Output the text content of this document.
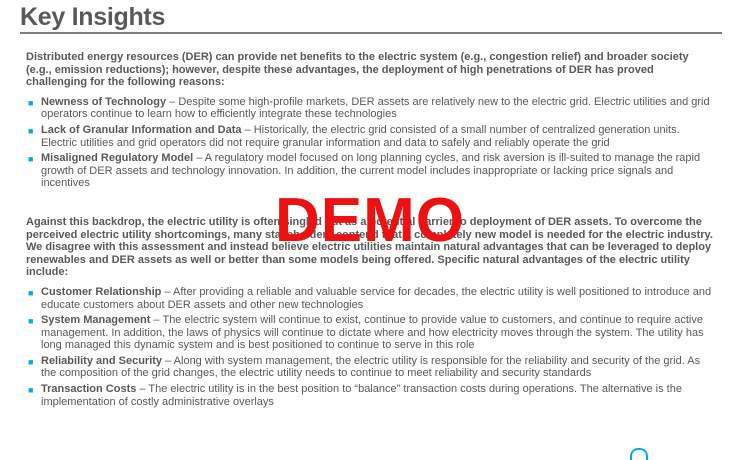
Key Insights

Distributed energy resources (DER) can provide net benefits to the electric system (e.g., congestion relief) and broader society (e.g., emission reductions); however, despite these advantages, the deployment of high penetrations of DER has proved challenging for the following reasons:

■ Newness of Technology – Despite some high-profile markets, DER assets are relatively new to the electric grid. Electric utilities and grid operators continue to learn how to efficiently integrate these technologies
■ Lack of Granular Information and Data – Historically, the electric grid consisted of a small number of centralized generation units. Electric utilities and grid operators did not require granular information and data to safely and reliably operate the grid
■ Misaligned Regulatory Model – A regulatory model focused on long planning cycles, and risk aversion is ill-suited to manage the rapid growth of DER assets and technology innovation. In addition, the current model includes inappropriate or lacking price signals and incentives

Against this backdrop, the electric utility is often singled out as a potential barrier to deployment of DER assets. To overcome the perceived electric utility shortcomings, many stakeholders contend that a completely new model is needed for the electric industry. We disagree with this assessment and instead believe electric utilities maintain natural advantages that can be leveraged to deploy renewables and DER assets as well or better than some models being offered. Specific natural advantages of the electric utility include:

■ Customer Relationship – After providing a reliable and valuable service for decades, the electric utility is well positioned to introduce and educate customers about DER assets and other new technologies
■ System Management – The electric system will continue to exist, continue to provide value to customers, and continue to require active management. In addition, the laws of physics will continue to dictate where and how electricity moves through the system. The utility has long managed this dynamic system and is best positioned to continue to serve in this role
■ Reliability and Security – Along with system management, the electric utility is responsible for the reliability and security of the grid. As the composition of the grid changes, the electric utility needs to continue to meet reliability and security standards
■ Transaction Costs – The electric utility is in the best position to “balance” transaction costs during operations. The alternative is the implementation of costly administrative overlays
DEMO
